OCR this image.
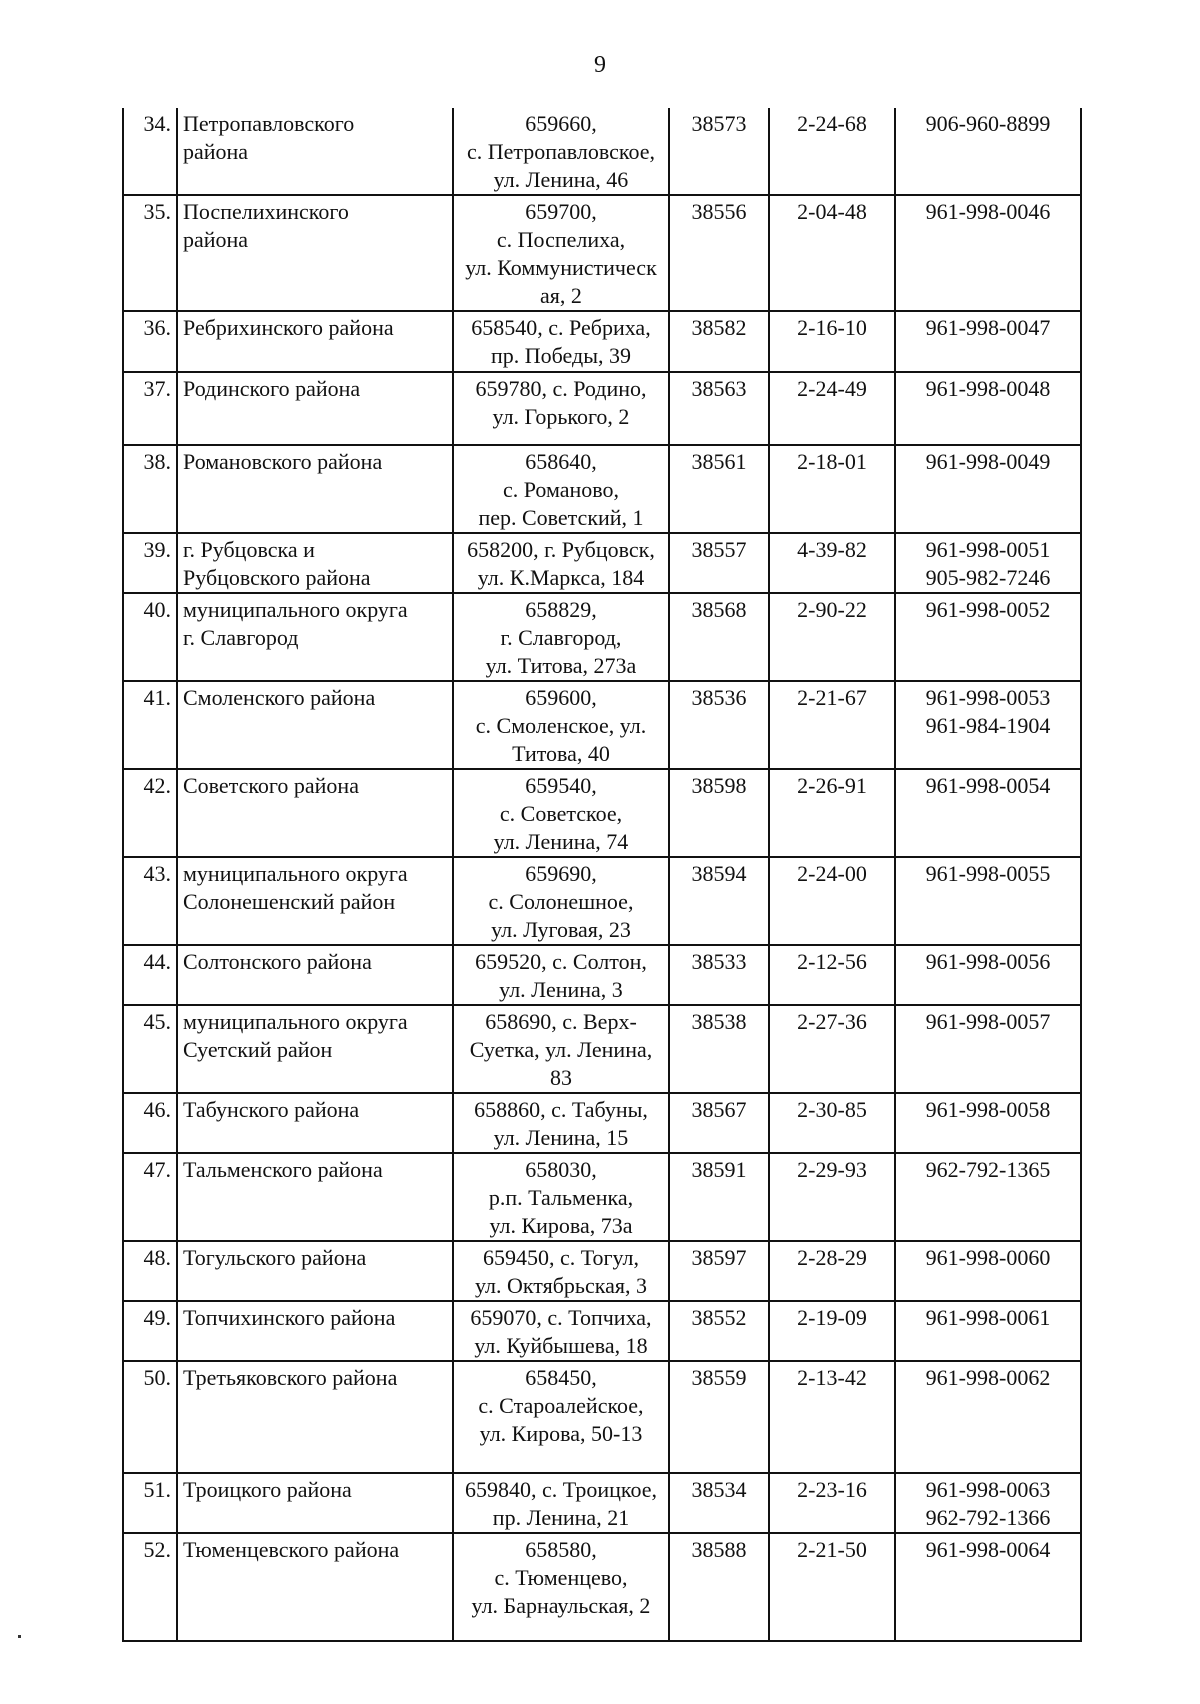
9
34.	Петропавловского
района	659660,
с. Петропавловское,
ул. Ленина, 46	38573	2-24-68	906-960-8899

35.	Поспелихинского
района	659700,
с. Поспелиха,
ул. Коммунистическ
ая, 2	38556	2-04-48	961-998-0046

36.	Ребрихинского района	658540, с. Ребриха,
пр. Победы, 39	38582	2-16-10	961-998-0047

37.	Родинского района	659780, с. Родино,
ул. Горького, 2	38563	2-24-49	961-998-0048

38.	Романовского района	658640,
с. Романово,
пер. Советский, 1	38561	2-18-01	961-998-0049

39.	г. Рубцовска и
Рубцовского района	658200, г. Рубцовск,
ул. К.Маркса, 184	38557	4-39-82	961-998-0051
905-982-7246

40.	муниципального округа
г. Славгород	658829,
г. Славгород,
ул. Титова, 273а	38568	2-90-22	961-998-0052

41.	Смоленского района	659600,
с. Смоленское, ул.
Титова, 40	38536	2-21-67	961-998-0053
961-984-1904

42.	Советского района	659540,
с. Советское,
ул. Ленина, 74	38598	2-26-91	961-998-0054

43.	муниципального округа
Солонешенский район	659690,
с. Солонешное,
ул. Луговая, 23	38594	2-24-00	961-998-0055

44.	Солтонского района	659520, с. Солтон,
ул. Ленина, 3	38533	2-12-56	961-998-0056

45.	муниципального округа
Суетский район	658690, с. Верх-
Суетка, ул. Ленина,
83	38538	2-27-36	961-998-0057

46.	Табунского района	658860, с. Табуны,
ул. Ленина, 15	38567	2-30-85	961-998-0058

47.	Тальменского района	658030,
р.п. Тальменка,
ул. Кирова, 73а	38591	2-29-93	962-792-1365

48.	Тогульского района	659450, с. Тогул,
ул. Октябрьская, 3	38597	2-28-29	961-998-0060

49.	Топчихинского района	659070, с. Топчиха,
ул. Куйбышева, 18	38552	2-19-09	961-998-0061

50.	Третьяковского района	658450,
с. Староалейское,
ул. Кирова, 50-13	38559	2-13-42	961-998-0062

51.	Троицкого района	659840, с. Троицкое,
пр. Ленина, 21	38534	2-23-16	961-998-0063
962-792-1366

52.	Тюменцевского района	658580,
с. Тюменцево,
ул. Барнаульская, 2	38588	2-21-50	961-998-0064
